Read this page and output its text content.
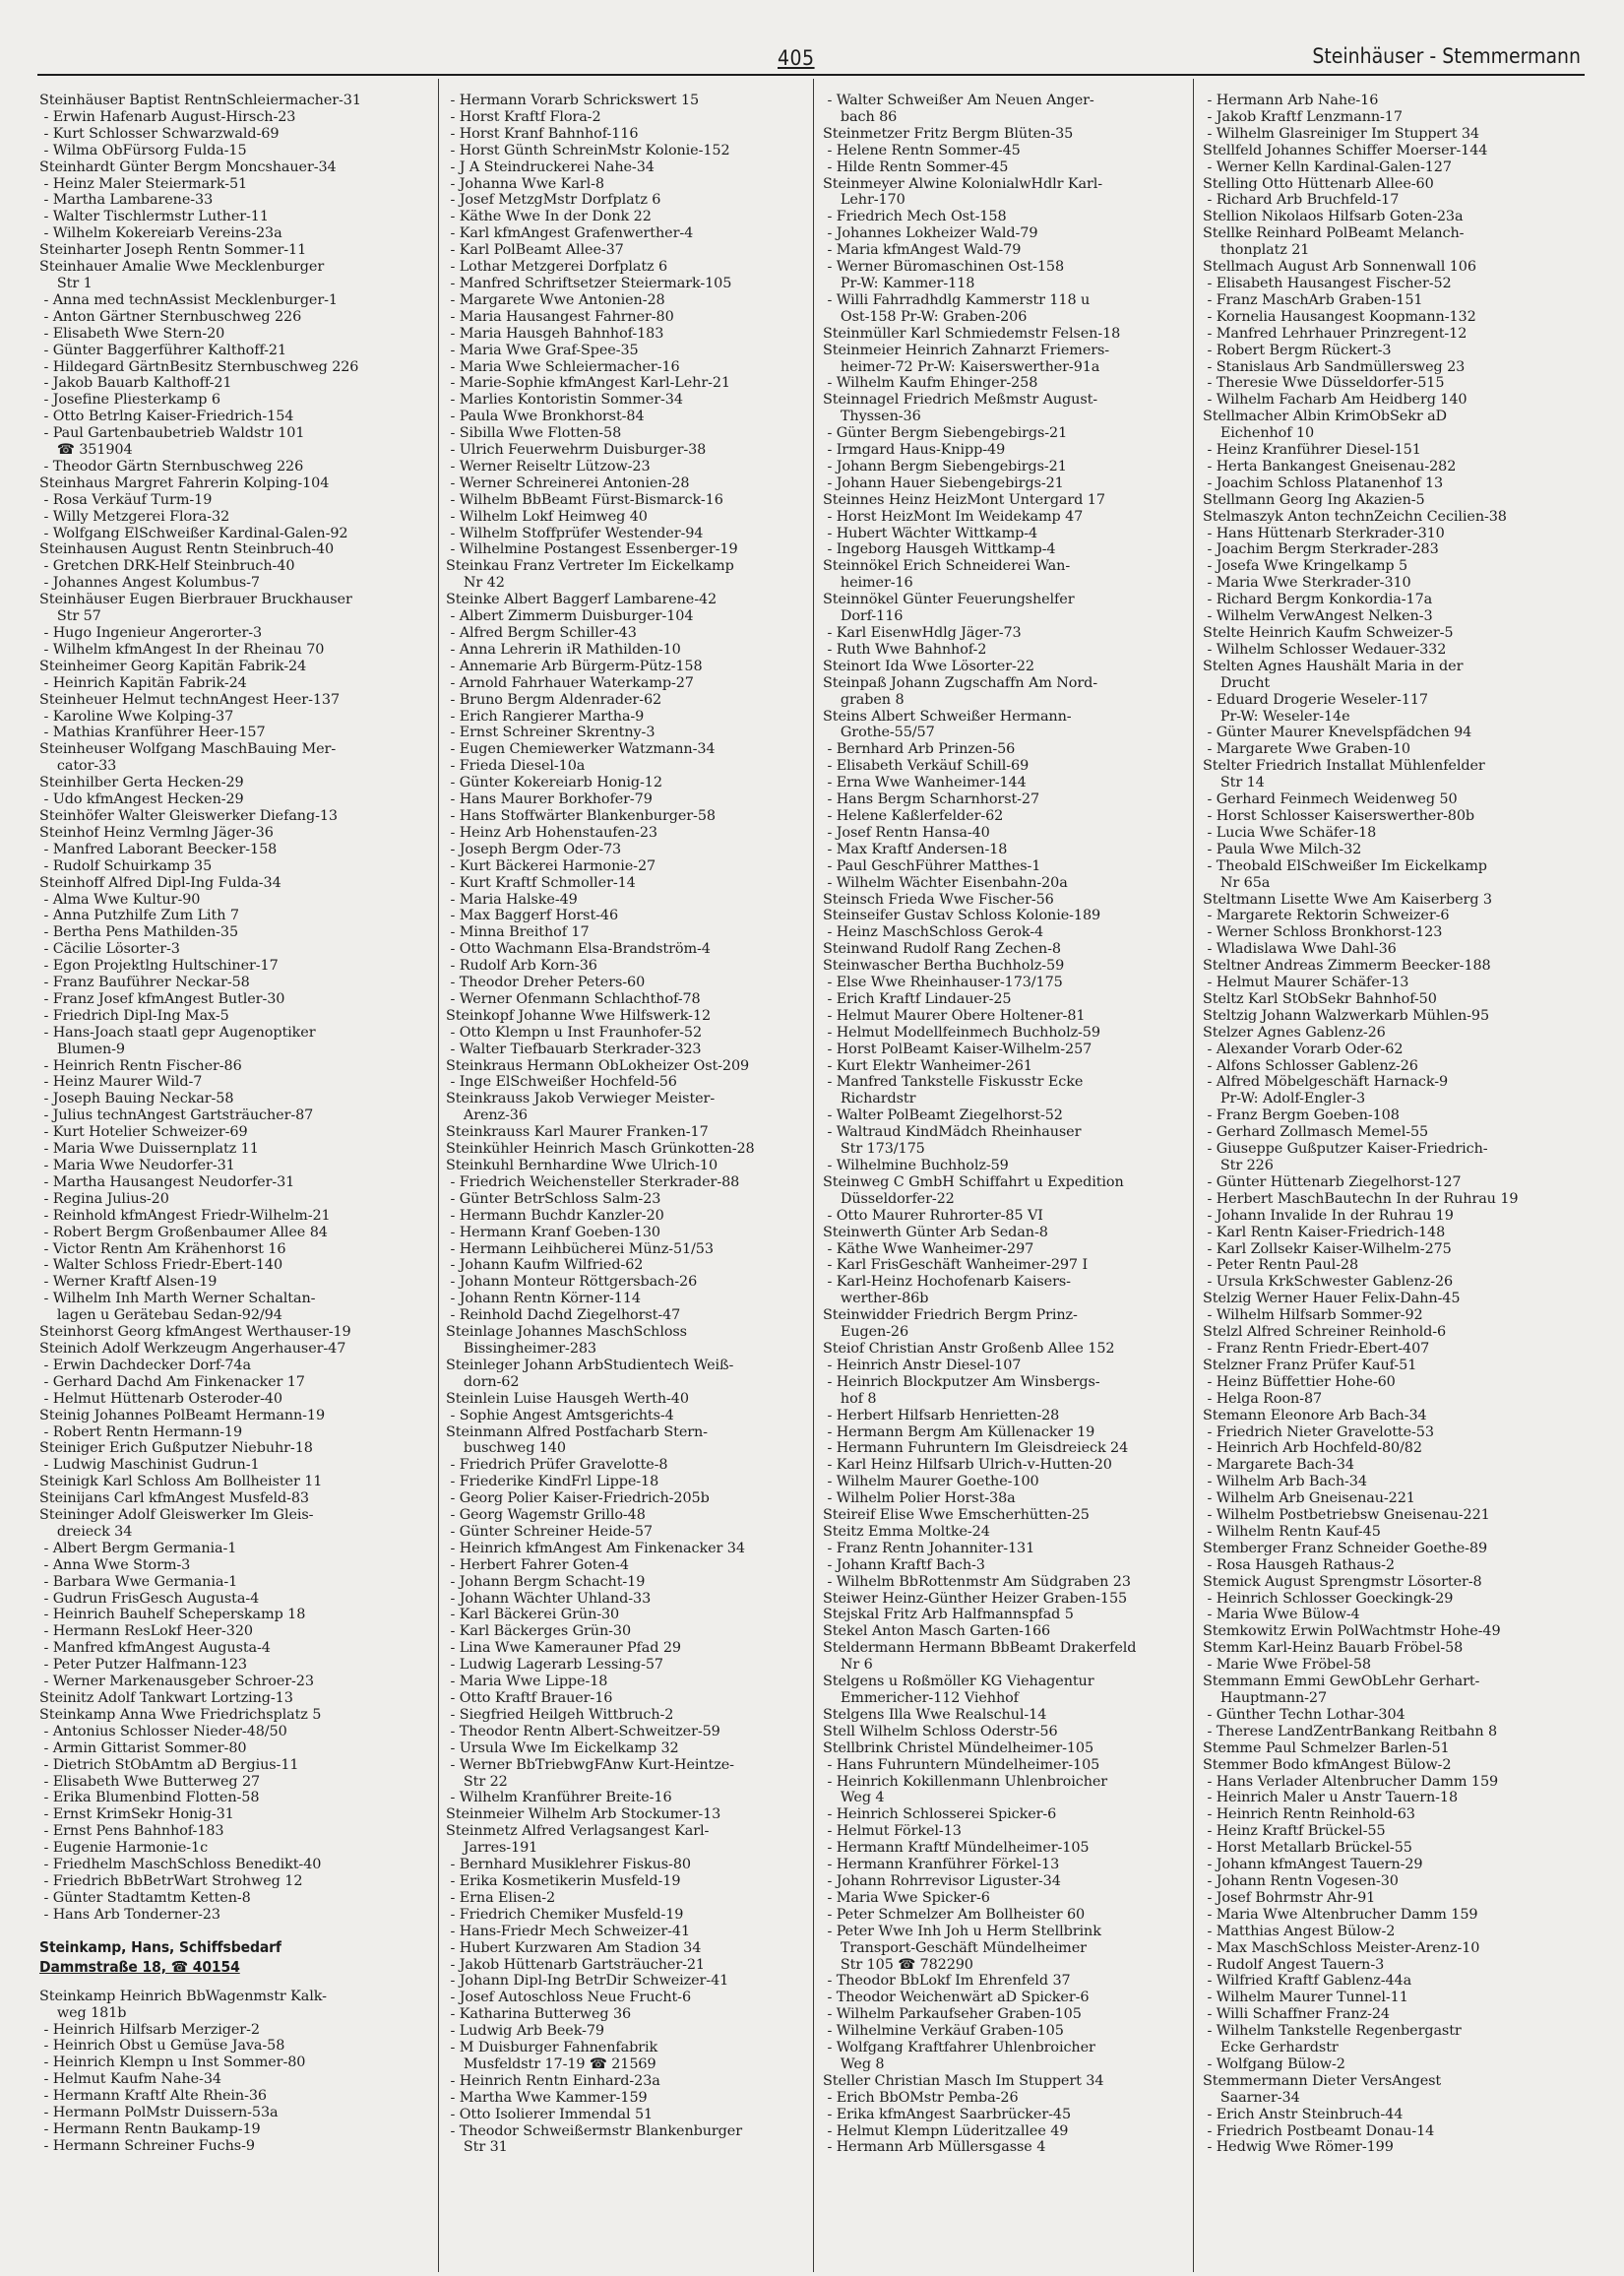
405	Steinhäuser - Stemmermann
Steinhäuser Baptist RentnSchleiermacher-31
- Erwin Hafenarb August-Hirsch-23
- Kurt Schlosser Schwarzwald-69
- Wilma ObFürsorg Fulda-15
Steinhardt Günter Bergm Moncshauer-34
- Heinz Maler Steiermark-51
- Martha Lambarene-33
- Walter Tischlermstr Luther-11
- Wilhelm Kokereiarb Vereins-23a
Steinharter Joseph Rentn Sommer-11
Steinhauer Amalie Wwe Mecklenburger
Str 1
- Anna med technAssist Mecklenburger-1
- Anton Gärtner Sternbuschweg 226
- Elisabeth Wwe Stern-20
- Günter Baggerführer Kalthoff-21
- Hildegard GärtnBesitz Sternbuschweg 226
- Jakob Bauarb Kalthoff-21
- Josefine Pliesterkamp 6
- Otto Betrlng Kaiser-Friedrich-154
- Paul Gartenbaubetrieb Waldstr 101
☎ 351904
- Theodor Gärtn Sternbuschweg 226
Steinhaus Margret Fahrerin Kolping-104
- Rosa Verkäuf Turm-19
- Willy Metzgerei Flora-32
- Wolfgang ElSchweißer Kardinal-Galen-92
Steinhausen August Rentn Steinbruch-40
- Gretchen DRK-Helf Steinbruch-40
- Johannes Angest Kolumbus-7
Steinhäuser Eugen Bierbrauer Bruckhauser
Str 57
- Hugo Ingenieur Angerorter-3
- Wilhelm kfmAngest In der Rheinau 70
Steinheimer Georg Kapitän Fabrik-24
- Heinrich Kapitän Fabrik-24
Steinheuer Helmut technAngest Heer-137
- Karoline Wwe Kolping-37
- Mathias Kranführer Heer-157
Steinheuser Wolfgang MaschBauing Mer-
cator-33
Steinhilber Gerta Hecken-29
- Udo kfmAngest Hecken-29
Steinhöfer Walter Gleiswerker Diefang-13
Steinhof Heinz Vermlng Jäger-36
- Manfred Laborant Beecker-158
- Rudolf Schuirkamp 35
Steinhoff Alfred Dipl-Ing Fulda-34
- Alma Wwe Kultur-90
- Anna Putzhilfe Zum Lith 7
- Bertha Pens Mathilden-35
- Cäcilie Lösorter-3
- Egon Projektlng Hultschiner-17
- Franz Bauführer Neckar-58
- Franz Josef kfmAngest Butler-30
- Friedrich Dipl-Ing Max-5
- Hans-Joach staatl gepr Augenoptiker
Blumen-9
- Heinrich Rentn Fischer-86
- Heinz Maurer Wild-7
- Joseph Bauing Neckar-58
- Julius technAngest Gartsträucher-87
- Kurt Hotelier Schweizer-69
- Maria Wwe Duissernplatz 11
- Maria Wwe Neudorfer-31
- Martha Hausangest Neudorfer-31
- Regina Julius-20
- Reinhold kfmAngest Friedr-Wilhelm-21
- Robert Bergm Großenbaumer Allee 84
- Victor Rentn Am Krähenhorst 16
- Walter Schloss Friedr-Ebert-140
- Werner Kraftf Alsen-19
- Wilhelm Inh Marth Werner Schaltan-
lagen u Gerätebau Sedan-92/94
Steinhorst Georg kfmAngest Werthauser-19
Steinich Adolf Werkzeugm Angerhauser-47
- Erwin Dachdecker Dorf-74a
- Gerhard Dachd Am Finkenacker 17
- Helmut Hüttenarb Osteroder-40
Steinig Johannes PolBeamt Hermann-19
- Robert Rentn Hermann-19
Steiniger Erich Gußputzer Niebuhr-18
- Ludwig Maschinist Gudrun-1
Steinigk Karl Schloss Am Bollheister 11
Steinijans Carl kfmAngest Musfeld-83
Steininger Adolf Gleiswerker Im Gleis-
dreieck 34
- Albert Bergm Germania-1
- Anna Wwe Storm-3
- Barbara Wwe Germania-1
- Gudrun FrisGesch Augusta-4
- Heinrich Bauhelf Scheperskamp 18
- Hermann ResLokf Heer-320
- Manfred kfmAngest Augusta-4
- Peter Putzer Halfmann-123
- Werner Markenausgeber Schroer-23
Steinitz Adolf Tankwart Lortzing-13
Steinkamp Anna Wwe Friedrichsplatz 5
- Antonius Schlosser Nieder-48/50
- Armin Gittarist Sommer-80
- Dietrich StObAmtm aD Bergius-11
- Elisabeth Wwe Butterweg 27
- Erika Blumenbind Flotten-58
- Ernst KrimSekr Honig-31
- Ernst Pens Bahnhof-183
- Eugenie Harmonie-1c
- Friedhelm MaschSchloss Benedikt-40
- Friedrich BbBetrWart Strohweg 12
- Günter Stadtamtm Ketten-8
- Hans Arb Tonderner-23
Steinkamp, Hans, Schiffsbedarf
Dammstraße 18, ☎ 40154
Steinkamp Heinrich BbWagenmstr Kalk-
weg 181b
- Heinrich Hilfsarb Merziger-2
- Heinrich Obst u Gemüse Java-58
- Heinrich Klempn u Inst Sommer-80
- Helmut Kaufm Nahe-34
- Hermann Kraftf Alte Rhein-36
- Hermann PolMstr Duissern-53a
- Hermann Rentn Baukamp-19
- Hermann Schreiner Fuchs-9
- Hermann Vorarb Schrickswert 15
- Horst Kraftf Flora-2
- Horst Kranf Bahnhof-116
- Horst Günth SchreinMstr Kolonie-152
- J A Steindruckerei Nahe-34
- Johanna Wwe Karl-8
- Josef MetzgMstr Dorfplatz 6
- Käthe Wwe In der Donk 22
- Karl kfmAngest Grafenwerther-4
- Karl PolBeamt Allee-37
- Lothar Metzgerei Dorfplatz 6
- Manfred Schriftsetzer Steiermark-105
- Margarete Wwe Antonien-28
- Maria Hausangest Fahrner-80
- Maria Hausgeh Bahnhof-183
- Maria Wwe Graf-Spee-35
- Maria Wwe Schleiermacher-16
- Marie-Sophie kfmAngest Karl-Lehr-21
- Marlies Kontoristin Sommer-34
- Paula Wwe Bronkhorst-84
- Sibilla Wwe Flotten-58
- Ulrich Feuerwehrm Duisburger-38
- Werner Reiseltr Lützow-23
- Werner Schreinerei Antonien-28
- Wilhelm BbBeamt Fürst-Bismarck-16
- Wilhelm Lokf Heimweg 40
- Wilhelm Stoffprüfer Westender-94
- Wilhelmine Postangest Essenberger-19
Steinkau Franz Vertreter Im Eickelkamp
Nr 42
Steinke Albert Baggerf Lambarene-42
- Albert Zimmerm Duisburger-104
- Alfred Bergm Schiller-43
- Anna Lehrerin iR Mathilden-10
- Annemarie Arb Bürgerm-Pütz-158
- Arnold Fahrhauer Waterkamp-27
- Bruno Bergm Aldenrader-62
- Erich Rangierer Martha-9
- Ernst Schreiner Skrentny-3
- Eugen Chemiewerker Watzmann-34
- Frieda Diesel-10a
- Günter Kokereiarb Honig-12
- Hans Maurer Borkhofer-79
- Hans Stoffwärter Blankenburger-58
- Heinz Arb Hohenstaufen-23
- Joseph Bergm Oder-73
- Kurt Bäckerei Harmonie-27
- Kurt Kraftf Schmoller-14
- Maria Halske-49
- Max Baggerf Horst-46
- Minna Breithof 17
- Otto Wachmann Elsa-Brandström-4
- Rudolf Arb Korn-36
- Theodor Dreher Peters-60
- Werner Ofenmann Schlachthof-78
Steinkopf Johanne Wwe Hilfswerk-12
- Otto Klempn u Inst Fraunhofer-52
- Walter Tiefbauarb Sterkrader-323
Steinkraus Hermann ObLokheizer Ost-209
- Inge ElSchweißer Hochfeld-56
Steinkrauss Jakob Verwieger Meister-
Arenz-36
Steinkrauss Karl Maurer Franken-17
Steinkühler Heinrich Masch Grünkotten-28
Steinkuhl Bernhardine Wwe Ulrich-10
- Friedrich Weichensteller Sterkrader-88
- Günter BetrSchloss Salm-23
- Hermann Buchdr Kanzler-20
- Hermann Kranf Goeben-130
- Hermann Leihbücherei Münz-51/53
- Johann Kaufm Wilfried-62
- Johann Monteur Röttgersbach-26
- Johann Rentn Körner-114
- Reinhold Dachd Ziegelhorst-47
Steinlage Johannes MaschSchloss
Bissingheimer-283
Steinleger Johann ArbStudientech Weiß-
dorn-62
Steinlein Luise Hausgeh Werth-40
- Sophie Angest Amtsgerichts-4
Steinmann Alfred Postfacharb Stern-
buschweg 140
- Friedrich Prüfer Gravelotte-8
- Friederike KindFrl Lippe-18
- Georg Polier Kaiser-Friedrich-205b
- Georg Wagemstr Grillo-48
- Günter Schreiner Heide-57
- Heinrich kfmAngest Am Finkenacker 34
- Herbert Fahrer Goten-4
- Johann Bergm Schacht-19
- Johann Wächter Uhland-33
- Karl Bäckerei Grün-30
- Karl Bäckerges Grün-30
- Lina Wwe Kamerauner Pfad 29
- Ludwig Lagerarb Lessing-57
- Maria Wwe Lippe-18
- Otto Kraftf Brauer-16
- Siegfried Heilgeh Wittbruch-2
- Theodor Rentn Albert-Schweitzer-59
- Ursula Wwe Im Eickelkamp 32
- Werner BbTriebwgFAnw Kurt-Heintze-
Str 22
- Wilhelm Kranführer Breite-16
Steinmeier Wilhelm Arb Stockumer-13
Steinmetz Alfred Verlagsangest Karl-
Jarres-191
- Bernhard Musiklehrer Fiskus-80
- Erika Kosmetikerin Musfeld-19
- Erna Elisen-2
- Friedrich Chemiker Musfeld-19
- Hans-Friedr Mech Schweizer-41
- Hubert Kurzwaren Am Stadion 34
- Jakob Hüttenarb Gartsträucher-21
- Johann Dipl-Ing BetrDir Schweizer-41
- Josef Autoschloss Neue Frucht-6
- Katharina Butterweg 36
- Ludwig Arb Beek-79
- M Duisburger Fahnenfabrik
Musfeldstr 17-19 ☎ 21569
- Heinrich Rentn Einhard-23a
- Martha Wwe Kammer-159
- Otto Isolierer Immendal 51
- Theodor Schweißermstr Blankenburger
Str 31
- Walter Schweißer Am Neuen Anger-
bach 86
Steinmetzer Fritz Bergm Blüten-35
- Helene Rentn Sommer-45
- Hilde Rentn Sommer-45
Steinmeyer Alwine KolonialwHdlr Karl-
Lehr-170
- Friedrich Mech Ost-158
- Johannes Lokheizer Wald-79
- Maria kfmAngest Wald-79
- Werner Büromaschinen Ost-158
Pr-W: Kammer-118
- Willi Fahrradhdlg Kammerstr 118 u
Ost-158 Pr-W: Graben-206
Steinmüller Karl Schmiedemstr Felsen-18
Steinmeier Heinrich Zahnarzt Friemers-
heimer-72 Pr-W: Kaiserswerther-91a
- Wilhelm Kaufm Ehinger-258
Steinnagel Friedrich Meßmstr August-
Thyssen-36
- Günter Bergm Siebengebirgs-21
- Irmgard Haus-Knipp-49
- Johann Bergm Siebengebirgs-21
- Johann Hauer Siebengebirgs-21
Steinnes Heinz HeizMont Untergard 17
- Horst HeizMont Im Weidekamp 47
- Hubert Wächter Wittkamp-4
- Ingeborg Hausgeh Wittkamp-4
Steinnökel Erich Schneiderei Wan-
heimer-16
Steinnökel Günter Feuerungshelfer
Dorf-116
- Karl EisenwHdlg Jäger-73
- Ruth Wwe Bahnhof-2
Steinort Ida Wwe Lösorter-22
Steinpaß Johann Zugschaffn Am Nord-
graben 8
Steins Albert Schweißer Hermann-
Grothe-55/57
- Bernhard Arb Prinzen-56
- Elisabeth Verkäuf Schill-69
- Erna Wwe Wanheimer-144
- Hans Bergm Scharnhorst-27
- Helene Kaßlerfelder-62
- Josef Rentn Hansa-40
- Max Kraftf Andersen-18
- Paul GeschFührer Matthes-1
- Wilhelm Wächter Eisenbahn-20a
Steinsch Frieda Wwe Fischer-56
Steinseifer Gustav Schloss Kolonie-189
- Heinz MaschSchloss Gerok-4
Steinwand Rudolf Rang Zechen-8
Steinwascher Bertha Buchholz-59
- Else Wwe Rheinhauser-173/175
- Erich Kraftf Lindauer-25
- Helmut Maurer Obere Holtener-81
- Helmut Modellfeinmech Buchholz-59
- Horst PolBeamt Kaiser-Wilhelm-257
- Kurt Elektr Wanheimer-261
- Manfred Tankstelle Fiskusstr Ecke
Richardstr
- Walter PolBeamt Ziegelhorst-52
- Waltraud KindMädch Rheinhauser
Str 173/175
- Wilhelmine Buchholz-59
Steinweg C GmbH Schiffahrt u Expedition
Düsseldorfer-22
- Otto Maurer Ruhrorter-85 VI
Steinwerth Günter Arb Sedan-8
- Käthe Wwe Wanheimer-297
- Karl FrisGeschäft Wanheimer-297 I
- Karl-Heinz Hochofenarb Kaisers-
werther-86b
Steinwidder Friedrich Bergm Prinz-
Eugen-26
Steiof Christian Anstr Großenb Allee 152
- Heinrich Anstr Diesel-107
- Heinrich Blockputzer Am Winsbergs-
hof 8
- Herbert Hilfsarb Henrietten-28
- Hermann Bergm Am Küllenacker 19
- Hermann Fuhruntern Im Gleisdreieck 24
- Karl Heinz Hilfsarb Ulrich-v-Hutten-20
- Wilhelm Maurer Goethe-100
- Wilhelm Polier Horst-38a
Steireif Elise Wwe Emscherhütten-25
Steitz Emma Moltke-24
- Franz Rentn Johanniter-131
- Johann Kraftf Bach-3
- Wilhelm BbRottenmstr Am Südgraben 23
Steiwer Heinz-Günther Heizer Graben-155
Stejskal Fritz Arb Halfmannspfad 5
Stekel Anton Masch Garten-166
Steldermann Hermann BbBeamt Drakerfeld
Nr 6
Stelgens u Roßmöller KG Viehagentur
Emmericher-112 Viehhof
Stelgens Illa Wwe Realschul-14
Stell Wilhelm Schloss Oderstr-56
Stellbrink Christel Mündelheimer-105
- Hans Fuhruntern Mündelheimer-105
- Heinrich Kokillenmann Uhlenbroicher
Weg 4
- Heinrich Schlosserei Spicker-6
- Helmut Förkel-13
- Hermann Kraftf Mündelheimer-105
- Hermann Kranführer Förkel-13
- Johann Rohrrevisor Liguster-34
- Maria Wwe Spicker-6
- Peter Schmelzer Am Bollheister 60
- Peter Wwe Inh Joh u Herm Stellbrink
Transport-Geschäft Mündelheimer
Str 105 ☎ 782290
- Theodor BbLokf Im Ehrenfeld 37
- Theodor Weichenwärt aD Spicker-6
- Wilhelm Parkaufseher Graben-105
- Wilhelmine Verkäuf Graben-105
- Wolfgang Kraftfahrer Uhlenbroicher
Weg 8
Steller Christian Masch Im Stuppert 34
- Erich BbOMstr Pemba-26
- Erika kfmAngest Saarbrücker-45
- Helmut Klempn Lüderitzallee 49
- Hermann Arb Müllersgasse 4
- Hermann Arb Nahe-16
- Jakob Kraftf Lenzmann-17
- Wilhelm Glasreiniger Im Stuppert 34
Stellfeld Johannes Schiffer Moerser-144
- Werner Kelln Kardinal-Galen-127
Stelling Otto Hüttenarb Allee-60
- Richard Arb Bruchfeld-17
Stellion Nikolaos Hilfsarb Goten-23a
Stellke Reinhard PolBeamt Melanch-
thonplatz 21
Stellmach August Arb Sonnenwall 106
- Elisabeth Hausangest Fischer-52
- Franz MaschArb Graben-151
- Kornelia Hausangest Koopmann-132
- Manfred Lehrhauer Prinzregent-12
- Robert Bergm Rückert-3
- Stanislaus Arb Sandmüllersweg 23
- Theresie Wwe Düsseldorfer-515
- Wilhelm Facharb Am Heidberg 140
Stellmacher Albin KrimObSekr aD
Eichenhof 10
- Heinz Kranführer Diesel-151
- Herta Bankangest Gneisenau-282
- Joachim Schloss Platanenhof 13
Stellmann Georg Ing Akazien-5
Stelmaszyk Anton technZeichn Cecilien-38
- Hans Hüttenarb Sterkrader-310
- Joachim Bergm Sterkrader-283
- Josefa Wwe Kringelkamp 5
- Maria Wwe Sterkrader-310
- Richard Bergm Konkordia-17a
- Wilhelm VerwAngest Nelken-3
Stelte Heinrich Kaufm Schweizer-5
- Wilhelm Schlosser Wedauer-332
Stelten Agnes Haushält Maria in der
Drucht
- Eduard Drogerie Weseler-117
Pr-W: Weseler-14e
- Günter Maurer Knevelspfädchen 94
- Margarete Wwe Graben-10
Stelter Friedrich Installat Mühlenfelder
Str 14
- Gerhard Feinmech Weidenweg 50
- Horst Schlosser Kaiserswerther-80b
- Lucia Wwe Schäfer-18
- Paula Wwe Milch-32
- Theobald ElSchweißer Im Eickelkamp
Nr 65a
Steltmann Lisette Wwe Am Kaiserberg 3
- Margarete Rektorin Schweizer-6
- Werner Schloss Bronkhorst-123
- Wladislawa Wwe Dahl-36
Steltner Andreas Zimmerm Beecker-188
- Helmut Maurer Schäfer-13
Steltz Karl StObSekr Bahnhof-50
Steltzig Johann Walzwerkarb Mühlen-95
Stelzer Agnes Gablenz-26
- Alexander Vorarb Oder-62
- Alfons Schlosser Gablenz-26
- Alfred Möbelgeschäft Harnack-9
Pr-W: Adolf-Engler-3
- Franz Bergm Goeben-108
- Gerhard Zollmasch Memel-55
- Giuseppe Gußputzer Kaiser-Friedrich-
Str 226
- Günter Hüttenarb Ziegelhorst-127
- Herbert MaschBautechn In der Ruhrau 19
- Johann Invalide In der Ruhrau 19
- Karl Rentn Kaiser-Friedrich-148
- Karl Zollsekr Kaiser-Wilhelm-275
- Peter Rentn Paul-28
- Ursula KrkSchwester Gablenz-26
Stelzig Werner Hauer Felix-Dahn-45
- Wilhelm Hilfsarb Sommer-92
Stelzl Alfred Schreiner Reinhold-6
- Franz Rentn Friedr-Ebert-407
Stelzner Franz Prüfer Kauf-51
- Heinz Büffettier Hohe-60
- Helga Roon-87
Stemann Eleonore Arb Bach-34
- Friedrich Nieter Gravelotte-53
- Heinrich Arb Hochfeld-80/82
- Margarete Bach-34
- Wilhelm Arb Bach-34
- Wilhelm Arb Gneisenau-221
- Wilhelm Postbetriebsw Gneisenau-221
- Wilhelm Rentn Kauf-45
Stemberger Franz Schneider Goethe-89
- Rosa Hausgeh Rathaus-2
Stemick August Sprengmstr Lösorter-8
- Heinrich Schlosser Goeckingk-29
- Maria Wwe Bülow-4
Stemkowitz Erwin PolWachtmstr Hohe-49
Stemm Karl-Heinz Bauarb Fröbel-58
- Marie Wwe Fröbel-58
Stemmann Emmi GewObLehr Gerhart-
Hauptmann-27
- Günther Techn Lothar-304
- Therese LandZentrBankang Reitbahn 8
Stemme Paul Schmelzer Barlen-51
Stemmer Bodo kfmAngest Bülow-2
- Hans Verlader Altenbrucher Damm 159
- Heinrich Maler u Anstr Tauern-18
- Heinrich Rentn Reinhold-63
- Heinz Kraftf Brückel-55
- Horst Metallarb Brückel-55
- Johann kfmAngest Tauern-29
- Johann Rentn Vogesen-30
- Josef Bohrmstr Ahr-91
- Maria Wwe Altenbrucher Damm 159
- Matthias Angest Bülow-2
- Max MaschSchloss Meister-Arenz-10
- Rudolf Angest Tauern-3
- Wilfried Kraftf Gablenz-44a
- Wilhelm Maurer Tunnel-11
- Willi Schaffner Franz-24
- Wilhelm Tankstelle Regenbergastr
Ecke Gerhardstr
- Wolfgang Bülow-2
Stemmermann Dieter VersAngest
Saarner-34
- Erich Anstr Steinbruch-44
- Friedrich Postbeamt Donau-14
- Hedwig Wwe Römer-199
